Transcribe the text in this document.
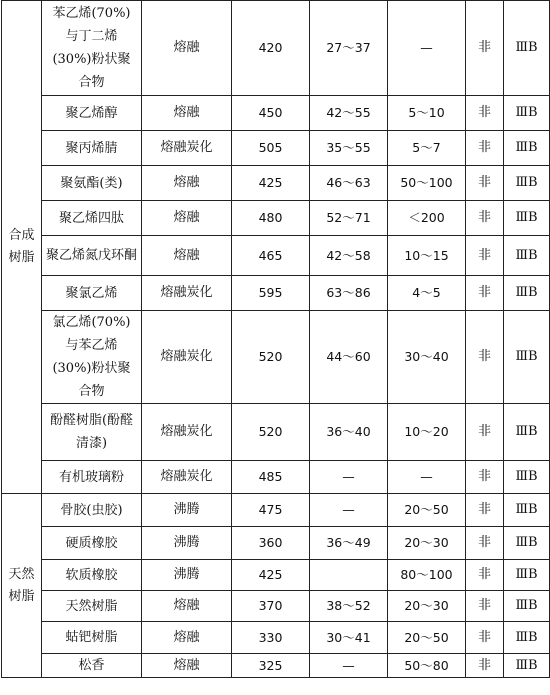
合成树脂	苯乙烯(70%)与丁二烯(30%)粉状聚合物	熔融	420	27～37	—	非	ⅢB
	聚乙烯醇	熔融	450	42～55	5～10	非	ⅢB
	聚丙烯腈	熔融炭化	505	35～55	5～7	非	ⅢB
	聚氨酯(类)	熔融	425	46～63	50～100	非	ⅢB
	聚乙烯四肽	熔融	480	52～71	＜200	非	ⅢB
	聚乙烯氮戊环酮	熔融	465	42～58	10～15	非	ⅢB
	聚氯乙烯	熔融炭化	595	63～86	4～5	非	ⅢB
	氯乙烯(70%)与苯乙烯(30%)粉状聚合物	熔融炭化	520	44～60	30～40	非	ⅢB
	酚醛树脂(酚醛清漆)	熔融炭化	520	36～40	10～20	非	ⅢB
	有机玻璃粉	熔融炭化	485	—	—	非	ⅢB
天然树脂	骨胶(虫胶)	沸腾	475	—	20～50	非	ⅢB
	硬质橡胶	沸腾	360	36～49	20～30	非	ⅢB
	软质橡胶	沸腾	425		80～100	非	ⅢB
	天然树脂	熔融	370	38～52	20～30	非	ⅢB
	蛄钯树脂	熔融	330	30～41	20～50	非	ⅢB
	松香	熔融	325	—	50～80	非	ⅢB
